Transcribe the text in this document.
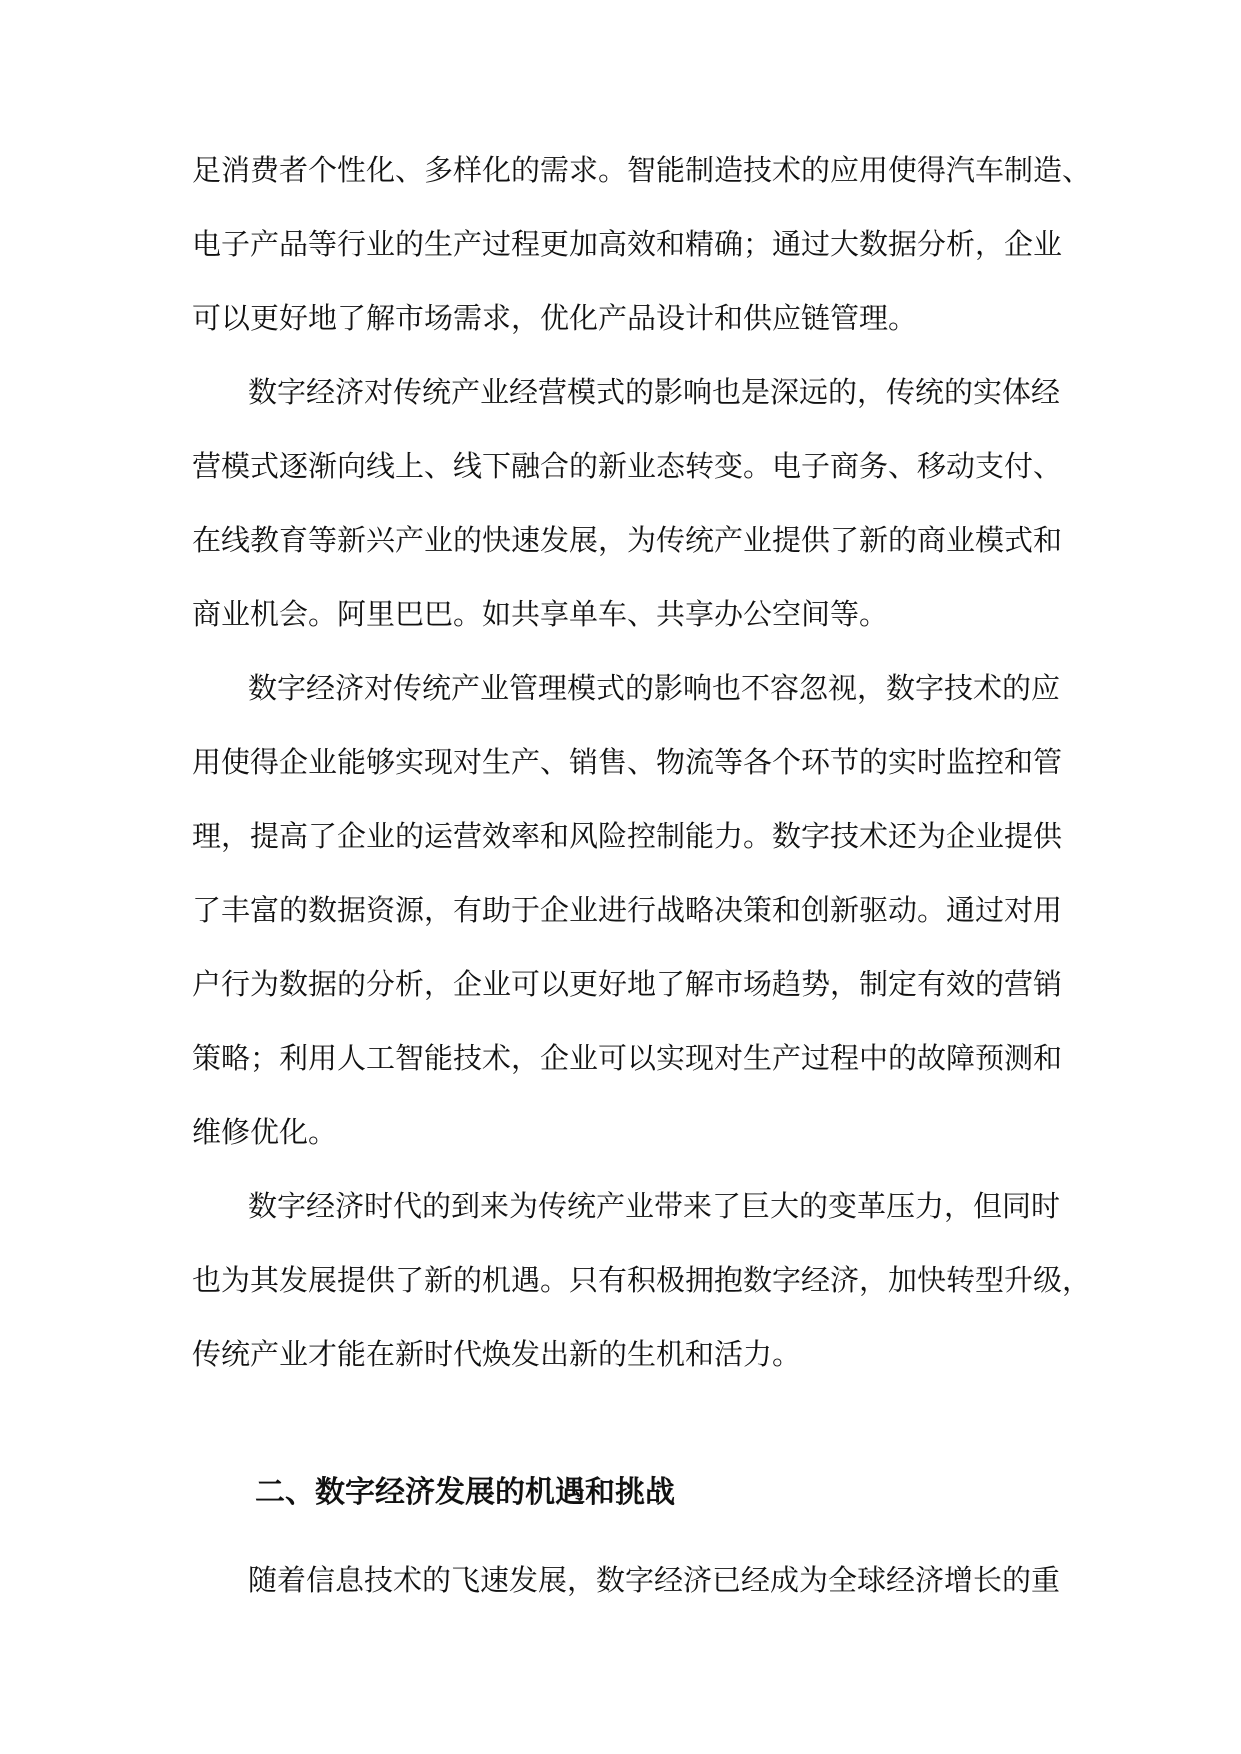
足消费者个性化、多样化的需求。智能制造技术的应用使得汽车制造、
电子产品等行业的生产过程更加高效和精确；通过大数据分析，企业
可以更好地了解市场需求，优化产品设计和供应链管理。
数字经济对传统产业经营模式的影响也是深远的，传统的实体经
营模式逐渐向线上、线下融合的新业态转变。电子商务、移动支付、
在线教育等新兴产业的快速发展，为传统产业提供了新的商业模式和
商业机会。阿里巴巴。如共享单车、共享办公空间等。
数字经济对传统产业管理模式的影响也不容忽视，数字技术的应
用使得企业能够实现对生产、销售、物流等各个环节的实时监控和管
理，提高了企业的运营效率和风险控制能力。数字技术还为企业提供
了丰富的数据资源，有助于企业进行战略决策和创新驱动。通过对用
户行为数据的分析，企业可以更好地了解市场趋势，制定有效的营销
策略；利用人工智能技术，企业可以实现对生产过程中的故障预测和
维修优化。
数字经济时代的到来为传统产业带来了巨大的变革压力，但同时
也为其发展提供了新的机遇。只有积极拥抱数字经济，加快转型升级，
传统产业才能在新时代焕发出新的生机和活力。
二、数字经济发展的机遇和挑战
随着信息技术的飞速发展，数字经济已经成为全球经济增长的重
